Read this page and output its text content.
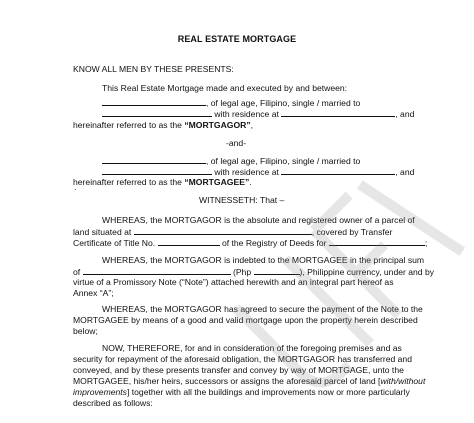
REAL ESTATE MORTGAGE
KNOW ALL MEN BY THESE PRESENTS:
This Real Estate Mortgage made and executed by and between:
, of legal age, Filipino, single / married to
with residence at	, and
hereinafter referred to as the “MORTGAGOR”,
-and-
, of legal age, Filipino, single / married to
with residence at	, and
hereinafter referred to as the “MORTGAGEE”.
·
WITNESSETH: That –
WHEREAS, the MORTGAGOR is the absolute and registered owner of a parcel of
land situated at	, covered by Transfer
Certificate of Title No.	of the Registry of Deeds for	;
WHEREAS, the MORTGAGOR is indebted to the MORTGAGEE in the principal sum
of	(Php	), Philippine currency, under and by
virtue of a Promissory Note (“Note”) attached herewith and an integral part hereof as
Annex “A”;
WHEREAS, the MORTGAGOR has agreed to secure the payment of the Note to the
MORTGAGEE by means of a good and valid mortgage upon the property herein described
below;
NOW, THEREFORE, for and in consideration of the foregoing premises and as
security for repayment of the aforesaid obligation, the MORTGAGOR has transferred and
conveyed, and by these presents transfer and convey by way of MORTGAGE, unto the
MORTGAGEE, his/her heirs, successors or assigns the aforesaid parcel of land [with/without
improvements] together with all the buildings and improvements now or more particularly
described as follows:
